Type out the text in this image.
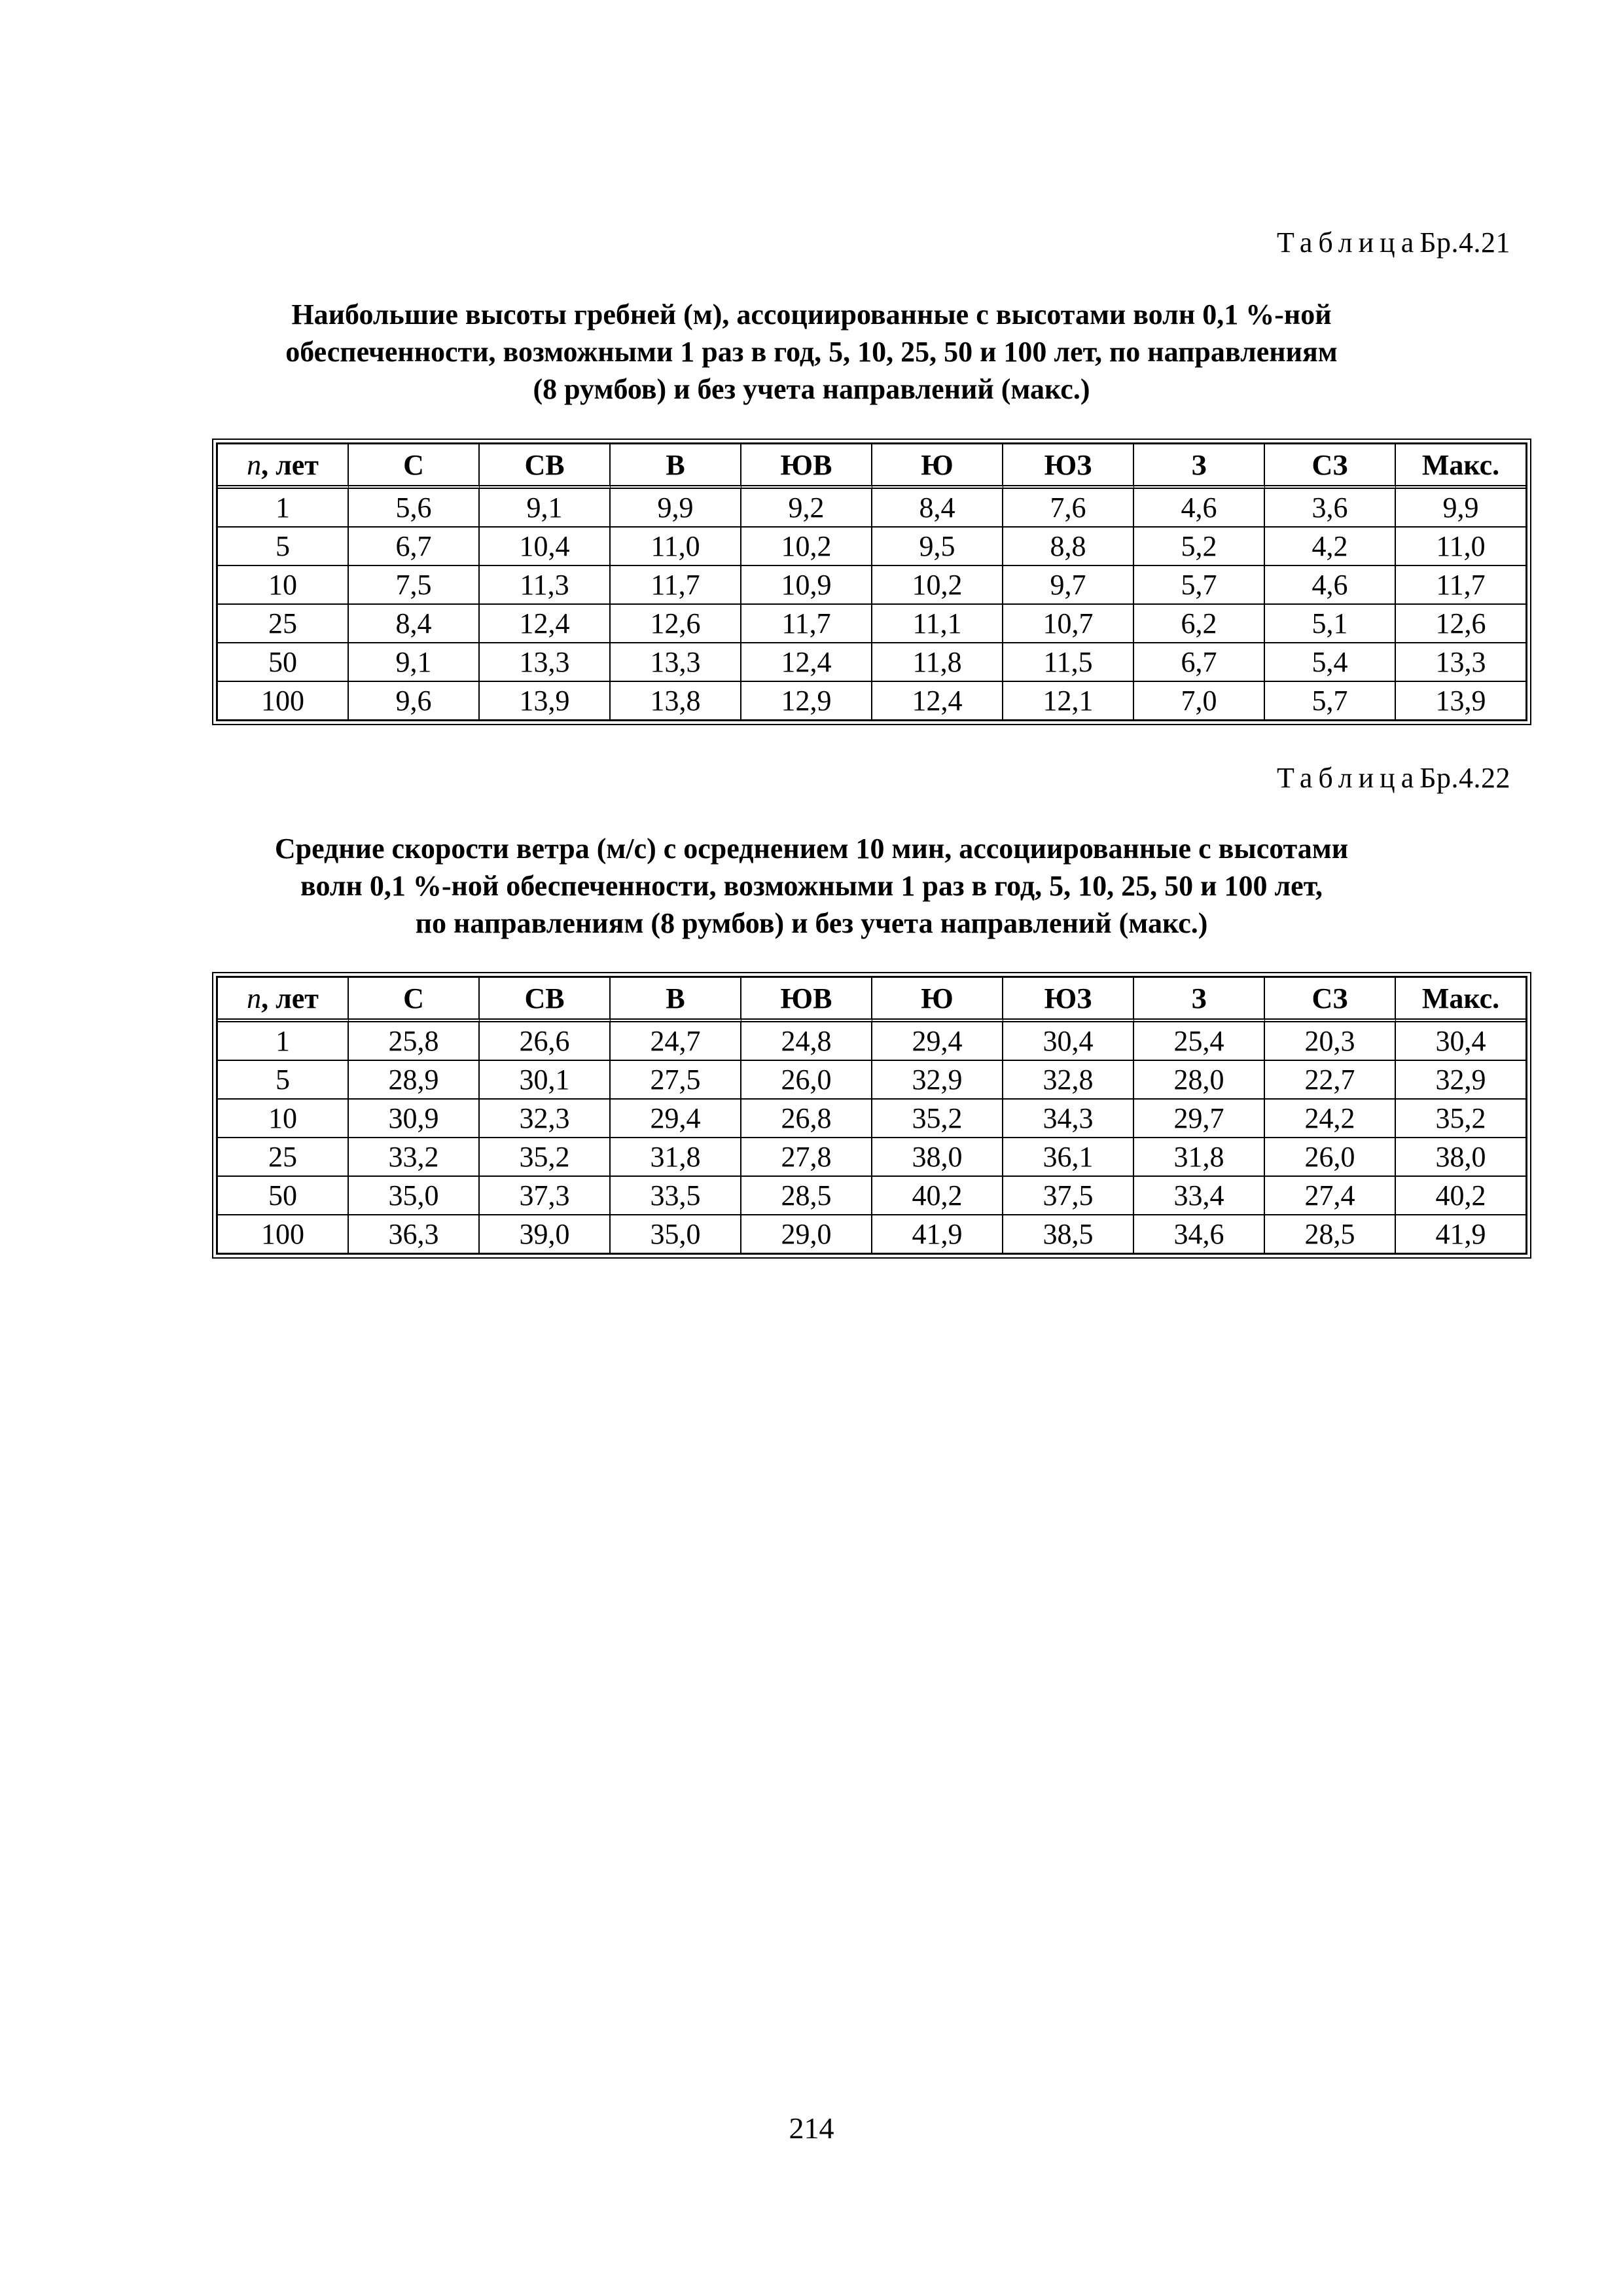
ТаблицаБр.4.21
Наибольшие высоты гребней (м), ассоциированные с высотами волн 0,1 %-ной
обеспеченности, возможными 1 раз в год, 5, 10, 25, 50 и 100 лет, по направлениям
(8 румбов) и без учета направлений (макс.)
n, лет	С	СВ	В	ЮВ	Ю	ЮЗ	З	СЗ	Макс.
1	5,6	9,1	9,9	9,2	8,4	7,6	4,6	3,6	9,9
5	6,7	10,4	11,0	10,2	9,5	8,8	5,2	4,2	11,0
10	7,5	11,3	11,7	10,9	10,2	9,7	5,7	4,6	11,7
25	8,4	12,4	12,6	11,7	11,1	10,7	6,2	5,1	12,6
50	9,1	13,3	13,3	12,4	11,8	11,5	6,7	5,4	13,3
100	9,6	13,9	13,8	12,9	12,4	12,1	7,0	5,7	13,9
ТаблицаБр.4.22
Средние скорости ветра (м/с) с осреднением 10 мин, ассоциированные с высотами
волн 0,1 %-ной обеспеченности, возможными 1 раз в год, 5, 10, 25, 50 и 100 лет,
по направлениям (8 румбов) и без учета направлений (макс.)
n, лет	С	СВ	В	ЮВ	Ю	ЮЗ	З	СЗ	Макс.
1	25,8	26,6	24,7	24,8	29,4	30,4	25,4	20,3	30,4
5	28,9	30,1	27,5	26,0	32,9	32,8	28,0	22,7	32,9
10	30,9	32,3	29,4	26,8	35,2	34,3	29,7	24,2	35,2
25	33,2	35,2	31,8	27,8	38,0	36,1	31,8	26,0	38,0
50	35,0	37,3	33,5	28,5	40,2	37,5	33,4	27,4	40,2
100	36,3	39,0	35,0	29,0	41,9	38,5	34,6	28,5	41,9
214
